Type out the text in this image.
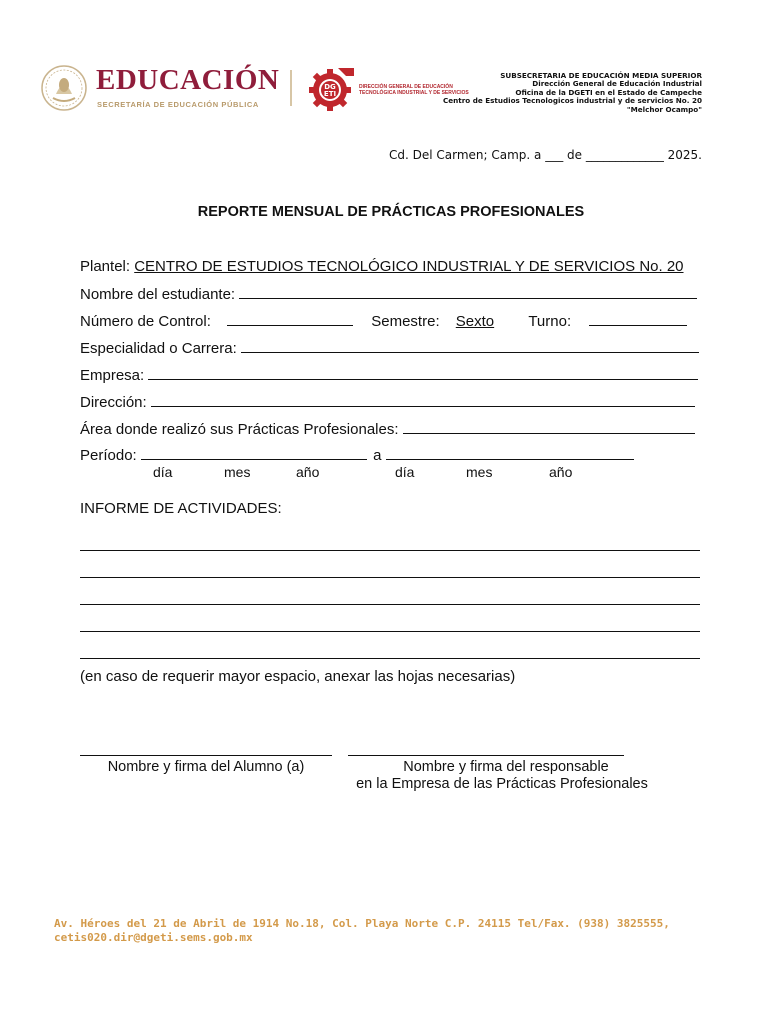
EDUCACIÓN
SECRETARÍA DE EDUCACIÓN PÚBLICA
DG
ETI
DIRECCIÓN GENERAL DE EDUCACIÓN
TECNOLÓGICA INDUSTRIAL Y DE SERVICIOS
SUBSECRETARIA DE EDUCACIÓN MEDIA SUPERIOR
Dirección General de Educación Industrial
Oficina de la DGETI en el Estado de Campeche
Centro de Estudios Tecnologicos industrial y de servicios No. 20
"Melchor Ocampo"
Cd. Del Carmen; Camp. a ___ de _____________ 2025.
REPORTE MENSUAL DE PRÁCTICAS PROFESIONALES
Plantel: CENTRO DE ESTUDIOS TECNOLÓGICO INDUSTRIAL Y DE SERVICIOS No. 20
Nombre del estudiante:
Número de Control:	Semestre: Sexto Turno:
Especialidad o Carrera:
Empresa:
Dirección:
Área donde realizó sus Prácticas Profesionales:
Período:	a
día	mes	año	día	mes	año
INFORME DE ACTIVIDADES:
(en caso de requerir mayor espacio, anexar las hojas necesarias)
Nombre y firma del Alumno (a)	Nombre y firma del responsable
en la Empresa de las Prácticas Profesionales
Av. Héroes del 21 de Abril de 1914 No.18, Col. Playa Norte C.P. 24115 Tel/Fax. (938) 3825555,
cetis020.dir@dgeti.sems.gob.mx
